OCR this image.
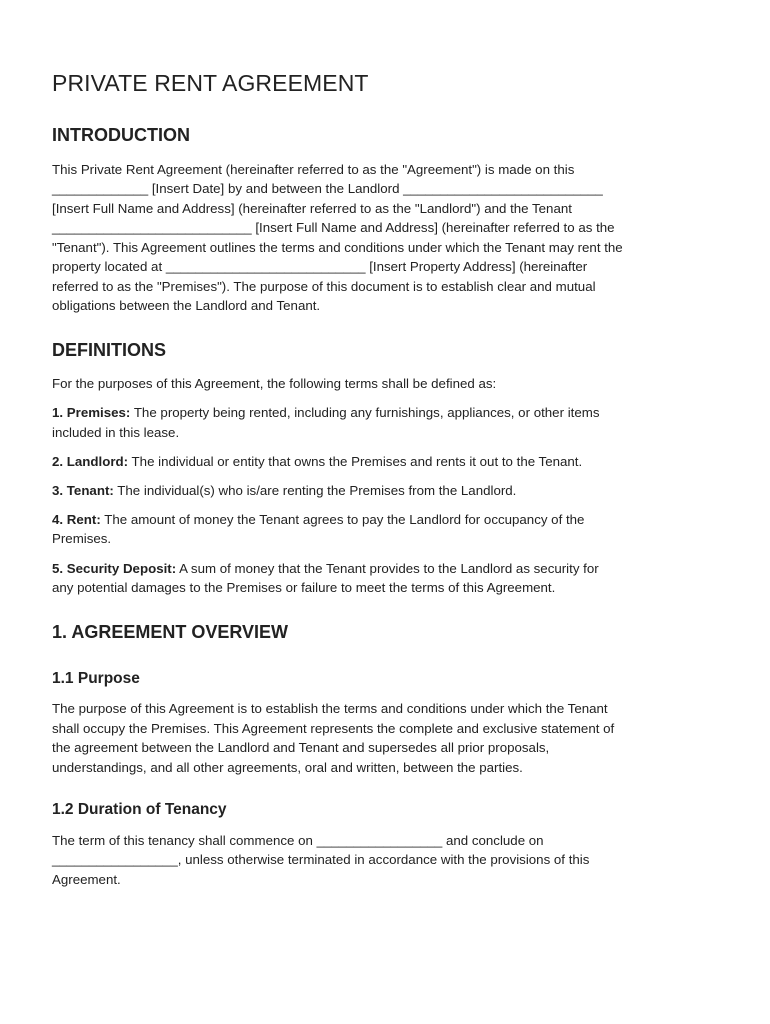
PRIVATE RENT AGREEMENT
INTRODUCTION

This Private Rent Agreement (hereinafter referred to as the "Agreement") is made on this

_____________ [Insert Date] by and between the Landlord ___________________________

[Insert Full Name and Address] (hereinafter referred to as the "Landlord") and the Tenant

___________________________ [Insert Full Name and Address] (hereinafter referred to as the

"Tenant"). This Agreement outlines the terms and conditions under which the Tenant may rent the

property located at ___________________________ [Insert Property Address] (hereinafter

referred to as the "Premises"). The purpose of this document is to establish clear and mutual

obligations between the Landlord and Tenant.

DEFINITIONS

For the purposes of this Agreement, the following terms shall be defined as:

1. Premises: The property being rented, including any furnishings, appliances, or other items

included in this lease.

2. Landlord: The individual or entity that owns the Premises and rents it out to the Tenant.

3. Tenant: The individual(s) who is/are renting the Premises from the Landlord.

4. Rent: The amount of money the Tenant agrees to pay the Landlord for occupancy of the

Premises.

5. Security Deposit: A sum of money that the Tenant provides to the Landlord as security for

any potential damages to the Premises or failure to meet the terms of this Agreement.

1. AGREEMENT OVERVIEW
1.1 Purpose

The purpose of this Agreement is to establish the terms and conditions under which the Tenant

shall occupy the Premises. This Agreement represents the complete and exclusive statement of

the agreement between the Landlord and Tenant and supersedes all prior proposals,

understandings, and all other agreements, oral and written, between the parties.

1.2 Duration of Tenancy

The term of this tenancy shall commence on _________________ and conclude on

_________________, unless otherwise terminated in accordance with the provisions of this

Agreement.
